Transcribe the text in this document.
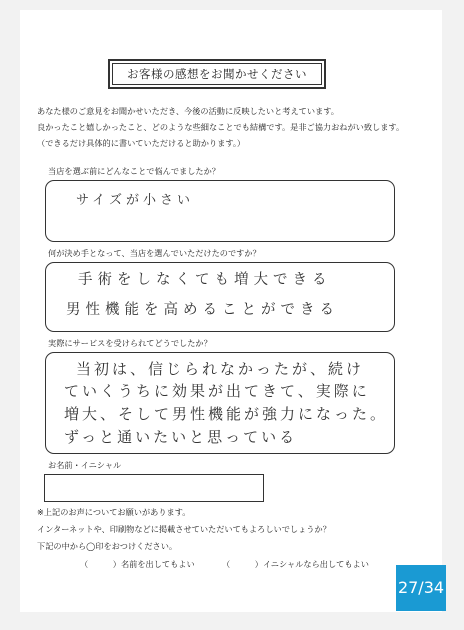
お客様の感想をお聞かせください
あなた様のご意見をお聞かせいただき、今後の活動に反映したいと考えています。
良かったこと嬉しかったこと、どのような些細なことでも結構です。是非ご協力おねがい致します。
（できるだけ具体的に書いていただけると助かります。）
当店を選ぶ前にどんなことで悩んでましたか？
サイズが小さい
何が決め手となって、当店を選んでいただけたのですか？
手術をしなくても増大できる
男性機能を高めることができる
実際にサービスを受けられてどうでしたか？
当初は、信じられなかったが、続け
ていくうちに効果が出てきて、実際に
増大、そして男性機能が強力になった。
ずっと通いたいと思っている
お名前・イニシャル
※上記のお声についてお願いがあります。
インターネットや、印刷物などに掲載させていただいてもよろしいでしょうか？
下記の中から◯印をおつけください。
（　　　）名前を出してもよい	（　　　）イニシャルなら出してもよい
27/34
